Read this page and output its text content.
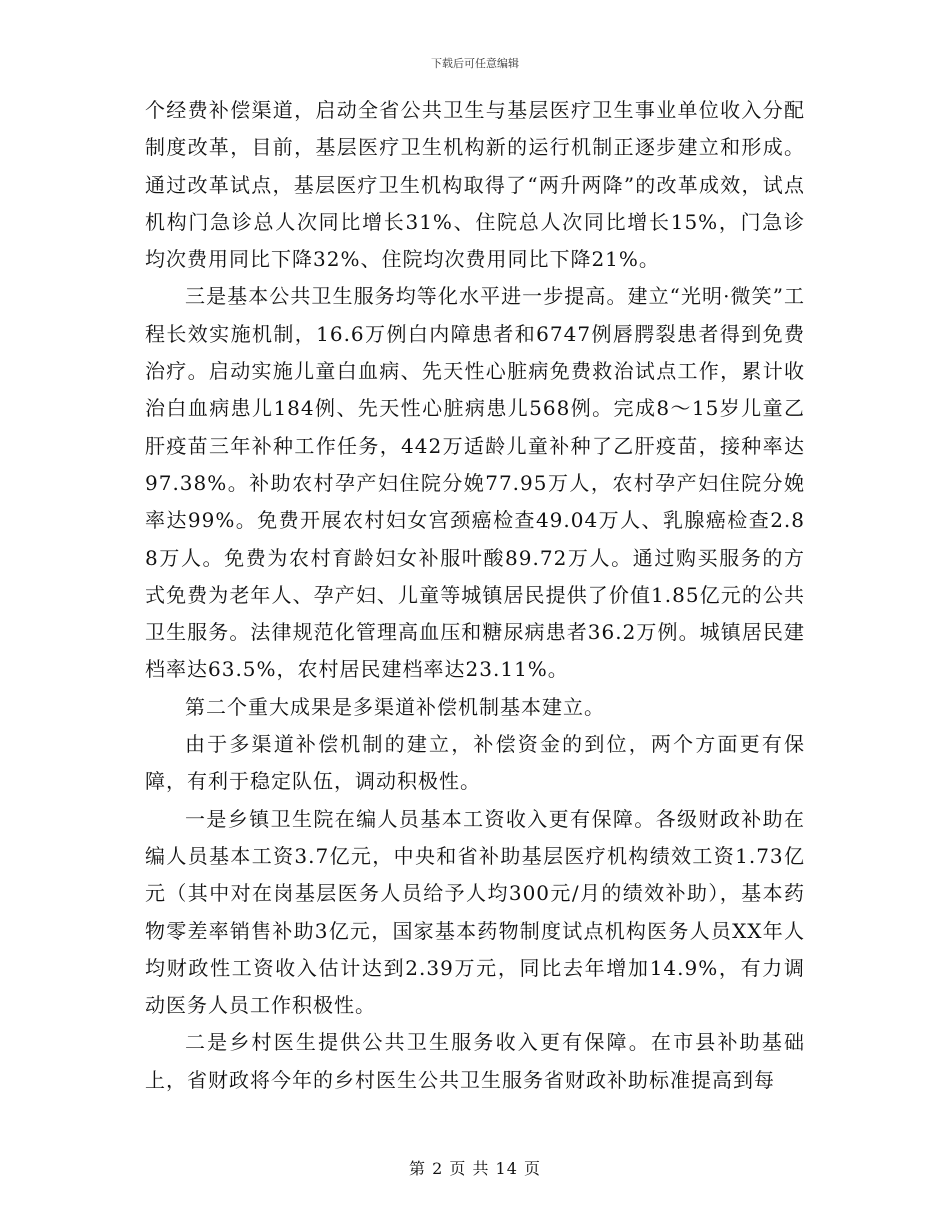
下载后可任意编辑

个经费补偿渠道，启动全省公共卫生与基层医疗卫生事业单位收入分配制度改革，目前，基层医疗卫生机构新的运行机制正逐步建立和形成。通过改革试点，基层医疗卫生机构取得了“两升两降”的改革成效，试点机构门急诊总人次同比增长31%、住院总人次同比增长15%，门急诊均次费用同比下降32%、住院均次费用同比下降21%。

三是基本公共卫生服务均等化水平进一步提高。建立“光明·微笑”工程长效实施机制，16.6万例白内障患者和6747例唇腭裂患者得到免费治疗。启动实施儿童白血病、先天性心脏病免费救治试点工作，累计收治白血病患儿184例、先天性心脏病患儿568例。完成8～15岁儿童乙肝疫苗三年补种工作任务，442万适龄儿童补种了乙肝疫苗，接种率达97.38%。补助农村孕产妇住院分娩77.95万人，农村孕产妇住院分娩率达99%。免费开展农村妇女宫颈癌检查49.04万人、乳腺癌检查2.88万人。免费为农村育龄妇女补服叶酸89.72万人。通过购买服务的方式免费为老年人、孕产妇、儿童等城镇居民提供了价值1.85亿元的公共卫生服务。法律规范化管理高血压和糖尿病患者36.2万例。城镇居民建档率达63.5%，农村居民建档率达23.11%。

第二个重大成果是多渠道补偿机制基本建立。

由于多渠道补偿机制的建立，补偿资金的到位，两个方面更有保障，有利于稳定队伍，调动积极性。

一是乡镇卫生院在编人员基本工资收入更有保障。各级财政补助在编人员基本工资3.7亿元，中央和省补助基层医疗机构绩效工资1.73亿元（其中对在岗基层医务人员给予人均300元/月的绩效补助），基本药物零差率销售补助3亿元，国家基本药物制度试点机构医务人员XX年人均财政性工资收入估计达到2.39万元，同比去年增加14.9%，有力调动医务人员工作积极性。

二是乡村医生提供公共卫生服务收入更有保障。在市县补助基础上，省财政将今年的乡村医生公共卫生服务省财政补助标准提高到每

第 2 页 共 14 页
